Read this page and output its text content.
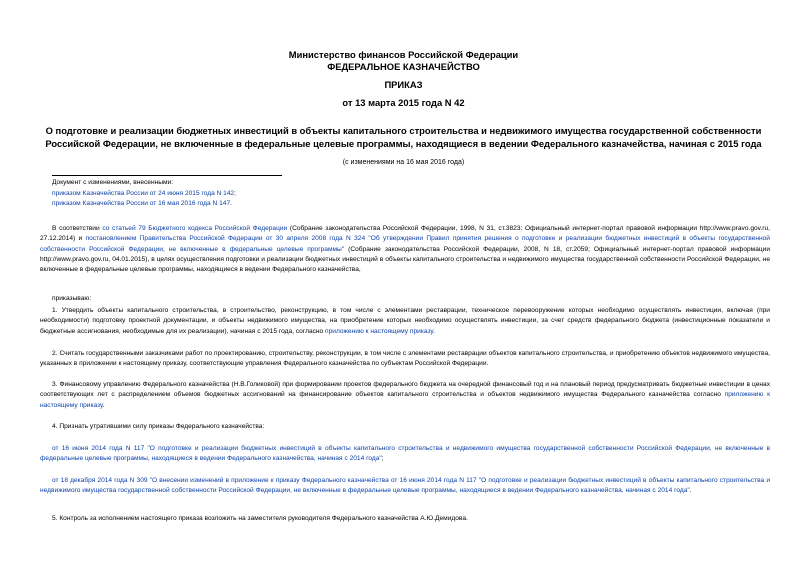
Министерство финансов Российской Федерации
ФЕДЕРАЛЬНОЕ КАЗНАЧЕЙСТВО
ПРИКАЗ
от 13 марта 2015 года N 42
О подготовке и реализации бюджетных инвестиций в объекты капитального строительства и недвижимого имущества государственной собственности Российской Федерации, не включенные в федеральные целевые программы, находящиеся в ведении Федерального казначейства, начиная с 2015 года
(с изменениями на 16 мая 2016 года)
Документ с изменениями, внесенными:
приказом Казначейства России от 24 июня 2015 года N 142;
приказом Казначейства России от 16 мая 2016 года N 147.
В соответствии со статьей 79 Бюджетного кодекса Российской Федерации (Собрание законодательства Российской Федерации, 1998, N 31, ст.3823; Официальный интернет-портал правовой информации http://www.pravo.gov.ru, 27.12.2014) и постановлением Правительства Российской Федерации от 30 апреля 2008 года N 324 "Об утверждении Правил принятия решения о подготовке и реализации бюджетных инвестиций в объекты государственной собственности Российской Федерации, не включенные в федеральные целевые программы" (Собрание законодательства Российской Федерации, 2008, N 18, ст.2059; Официальный интернет-портал правовой информации http://www.pravo.gov.ru, 04.01.2015), в целях осуществления подготовки и реализации бюджетных инвестиций в объекты капитального строительства и недвижимого имущества государственной собственности Российской Федерации, не включенные в федеральные целевые программы, находящиеся в ведении Федерального казначейства,
приказываю:
1. Утвердить объекты капитального строительства, в строительство, реконструкцию, в том числе с элементами реставрации, техническое перевооружение которых необходимо осуществлять инвестиции, включая (при необходимости) подготовку проектной документации, и объекты недвижимого имущества, на приобретение которых необходимо осуществлять инвестиции, за счет средств федерального бюджета (инвестиционные показатели и бюджетные ассигнования, необходимые для их реализации), начиная с 2015 года, согласно приложению к настоящему приказу.
2. Считать государственными заказчиками работ по проектированию, строительству, реконструкции, в том числе с элементами реставрации объектов капитального строительства, и приобретению объектов недвижимого имущества, указанных в приложении к настоящему приказу, соответствующие управления Федерального казначейства по субъектам Российской Федерации.
3. Финансовому управлению Федерального казначейства (Н.В.Голиковой) при формировании проектов федерального бюджета на очередной финансовый год и на плановый период предусматривать бюджетные инвестиции в ценах соответствующих лет с распределением объемов бюджетных ассигнований на финансирование объектов капитального строительства и объектов недвижимого имущества Федерального казначейства согласно приложению к настоящему приказу.
4. Признать утратившими силу приказы Федерального казначейства:
от 16 июня 2014 года N 117 "О подготовке и реализации бюджетных инвестиций в объекты капитального строительства и недвижимого имущества государственной собственности Российской Федерации, не включенные в федеральные целевые программы, находящиеся в ведении Федерального казначейства, начиная с 2014 года";
от 18 декабря 2014 года N 309 "О внесении изменений в приложение к приказу Федерального казначейства от 16 июня 2014 года N 117 "О подготовке и реализации бюджетных инвестиций в объекты капитального строительства и недвижимого имущества государственной собственности Российской Федерации, не включенные в федеральные целевые программы, находящиеся в ведении Федерального казначейства, начиная с 2014 года".
5. Контроль за исполнением настоящего приказа возложить на заместителя руководителя Федерального казначейства А.Ю.Демидова.
